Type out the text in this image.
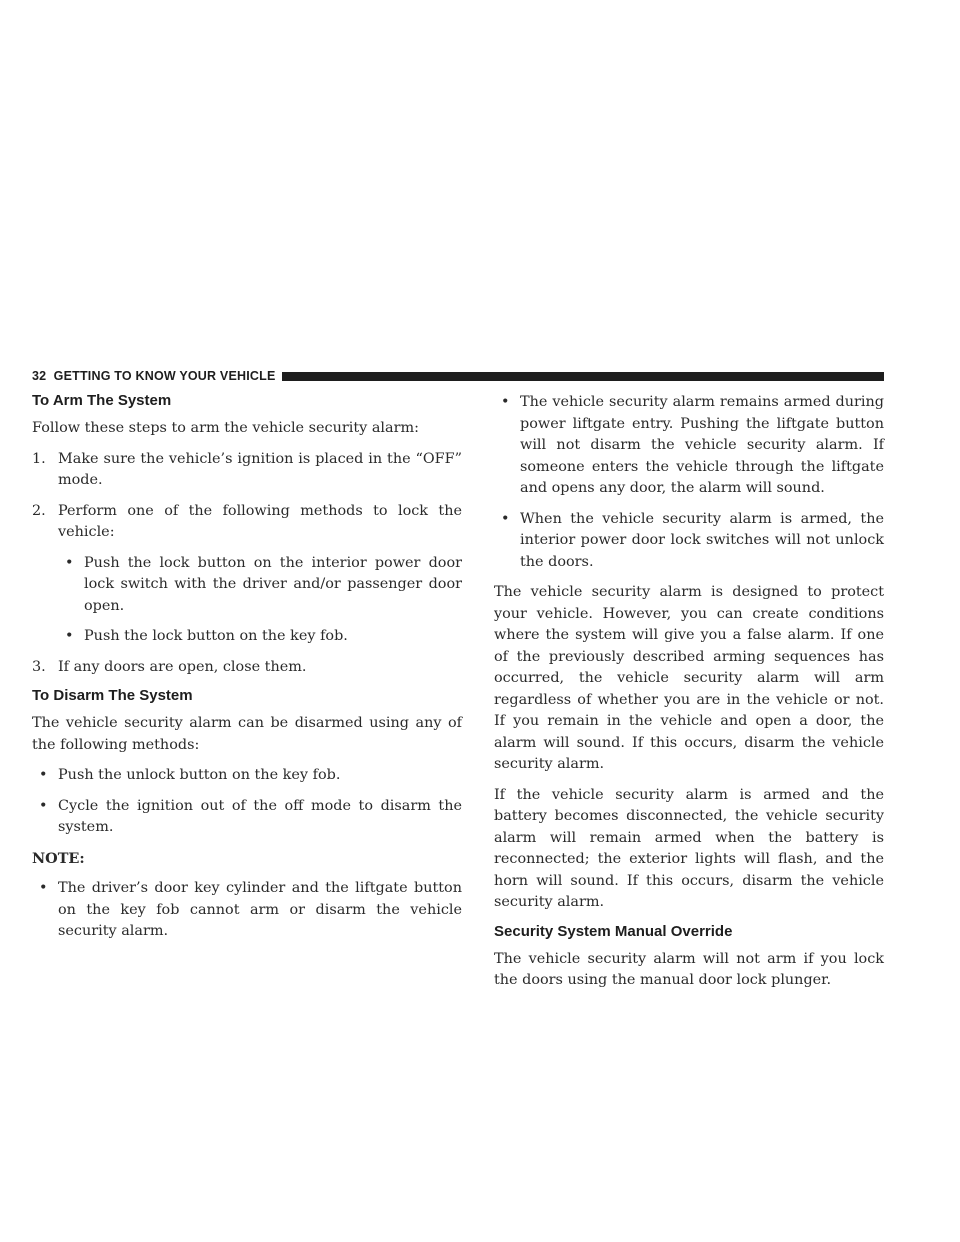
32 GETTING TO KNOW YOUR VEHICLE
To Arm The System

Follow these steps to arm the vehicle security alarm:

1. Make sure the vehicle’s ignition is placed in the “OFF” mode.
2. Perform one of the following methods to lock the vehicle:
• Push the lock button on the interior power door lock switch with the driver and/or passenger door open.
• Push the lock button on the key fob.
3. If any doors are open, close them.
To Disarm The System

The vehicle security alarm can be disarmed using any of the following methods:

• Push the unlock button on the key fob.
• Cycle the ignition out of the off mode to disarm the system.
NOTE:
• The driver’s door key cylinder and the liftgate button on the key fob cannot arm or disarm the vehicle security alarm.
• The vehicle security alarm remains armed during power liftgate entry. Pushing the liftgate button will not disarm the vehicle security alarm. If someone enters the vehicle through the liftgate and opens any door, the alarm will sound.
• When the vehicle security alarm is armed, the interior power door lock switches will not unlock the doors.

The vehicle security alarm is designed to protect your vehicle. However, you can create conditions where the system will give you a false alarm. If one of the previously described arming sequences has occurred, the vehicle security alarm will arm regardless of whether you are in the vehicle or not. If you remain in the vehicle and open a door, the alarm will sound. If this occurs, disarm the vehicle security alarm.

If the vehicle security alarm is armed and the battery becomes disconnected, the vehicle security alarm will remain armed when the battery is reconnected; the exterior lights will flash, and the horn will sound. If this occurs, disarm the vehicle security alarm.

Security System Manual Override

The vehicle security alarm will not arm if you lock the doors using the manual door lock plunger.
